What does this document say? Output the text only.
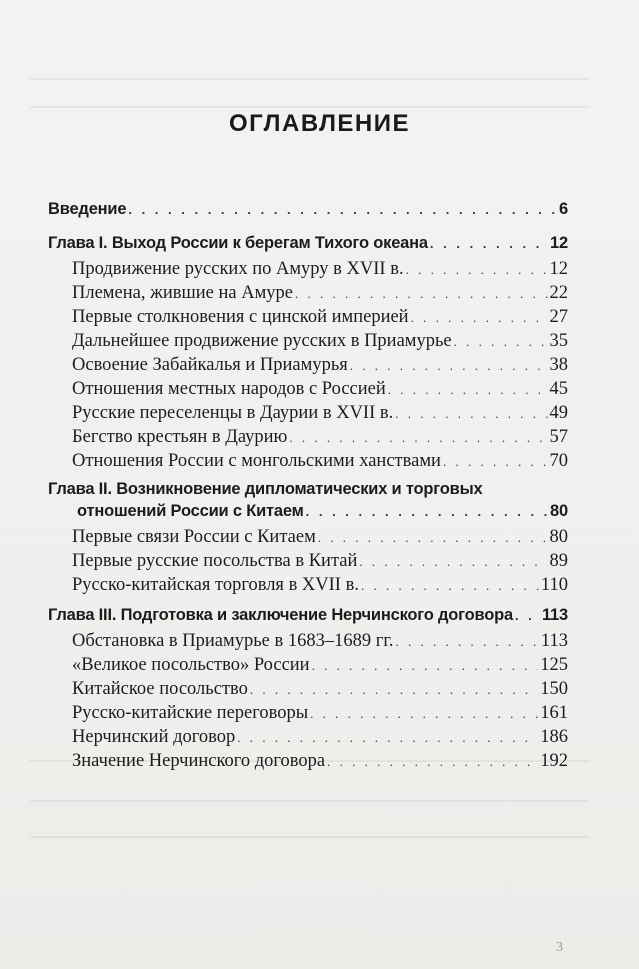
ОГЛАВЛЕНИЕ
Введение . . .	6
Глава I. Выход России к берегам Тихого океана . . .	12
Продвижение русских по Амуру в XVII в. . . .	12
Племена, жившие на Амуре . . .	22
Первые столкновения с цинской империей . . .	27
Дальнейшее продвижение русских в Приамурье . . .	35
Освоение Забайкалья и Приамурья . . .	38
Отношения местных народов с Россией . . .	45
Русские переселенцы в Даурии в XVII в. . . .	49
Бегство крестьян в Даурию . . .	57
Отношения России с монгольскими ханствами . . .	70
Глава II. Возникновение дипломатических и торговых
отношений России с Китаем . . .	80
Первые связи России с Китаем . . .	80
Первые русские посольства в Китай . . .	89
Русско-китайская торговля в XVII в. . . .	110
Глава III. Подготовка и заключение Нерчинского договора . . . 113
Обстановка в Приамурье в 1683–1689 гг. . . .	113
«Великое посольство» России . . .	125
Китайское посольство . . .	150
Русско-китайские переговоры . . .	161
Нерчинский договор . . .	186
Значение Нерчинского договора . . .	192
3
